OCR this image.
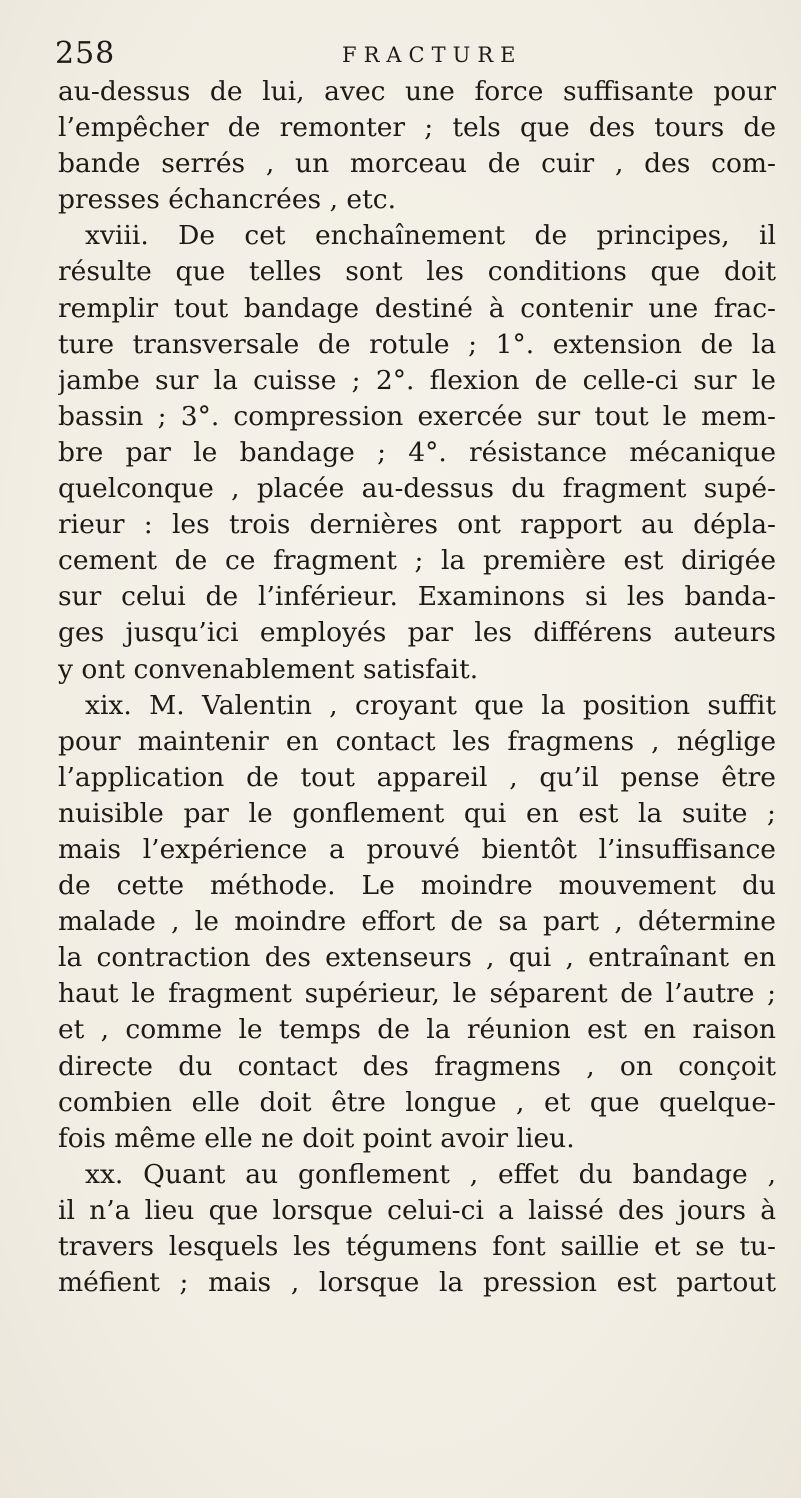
258	FRACTURE
au-dessus de lui, avec une force suffisante pour
l’empêcher de remonter ; tels que des tours de
bande serrés , un morceau de cuir , des com-
presses échancrées , etc.
xviii. De cet enchaînement de principes, il
résulte que telles sont les conditions que doit
remplir tout bandage destiné à contenir une frac-
ture transversale de rotule ; 1°. extension de la
jambe sur la cuisse ; 2°. flexion de celle-ci sur le
bassin ; 3°. compression exercée sur tout le mem-
bre par le bandage ; 4°. résistance mécanique
quelconque , placée au-dessus du fragment supé-
rieur : les trois dernières ont rapport au dépla-
cement de ce fragment ; la première est dirigée
sur celui de l’inférieur. Examinons si les banda-
ges jusqu’ici employés par les différens auteurs
y ont convenablement satisfait.
xix. M. Valentin , croyant que la position suffit
pour maintenir en contact les fragmens , néglige
l’application de tout appareil , qu’il pense être
nuisible par le gonflement qui en est la suite ;
mais l’expérience a prouvé bientôt l’insuffisance
de cette méthode. Le moindre mouvement du
malade , le moindre effort de sa part , détermine
la contraction des extenseurs , qui , entraînant en
haut le fragment supérieur, le séparent de l’autre ;
et , comme le temps de la réunion est en raison
directe du contact des fragmens , on conçoit
combien elle doit être longue , et que quelque-
fois même elle ne doit point avoir lieu.
xx. Quant au gonflement , effet du bandage ,
il n’a lieu que lorsque celui-ci a laissé des jours à
travers lesquels les tégumens font saillie et se tu-
méfient ; mais , lorsque la pression est partout
